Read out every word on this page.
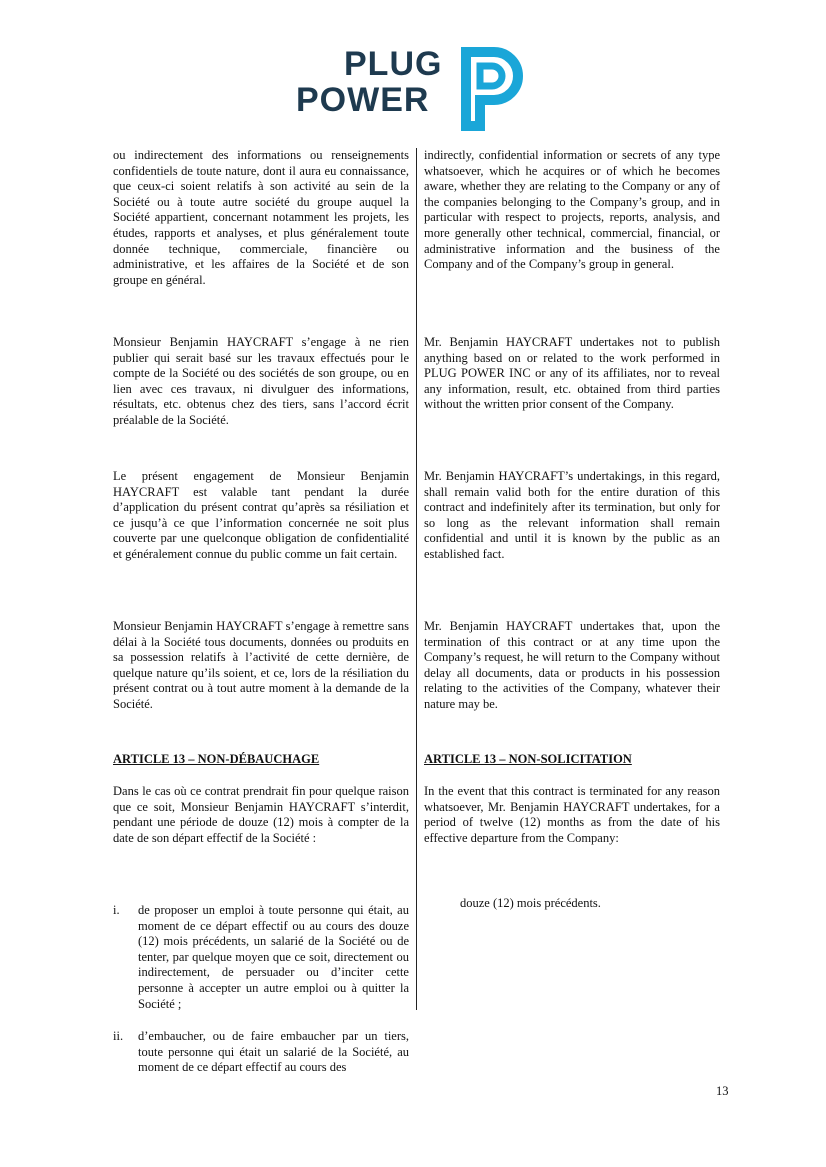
PLUG
POWER
ou indirectement des informations ou renseignements confidentiels de toute nature, dont il aura eu connaissance, que ceux-ci soient relatifs à son activité au sein de la Société ou à toute autre société du groupe auquel la Société appartient, concernant notamment les projets, les études, rapports et analyses, et plus généralement toute donnée technique, commerciale, financière ou administrative, et les affaires de la Société et de son groupe en général.
indirectly, confidential information or secrets of any type whatsoever, which he acquires or of which he becomes aware, whether they are relating to the Company or any of the companies belonging to the Company’s group, and in particular with respect to projects, reports, analysis, and more generally other technical, commercial, financial, or administrative information and the business of the Company and of the Company’s group in general.
Monsieur Benjamin HAYCRAFT s’engage à ne rien publier qui serait basé sur les travaux effectués pour le compte de la Société ou des sociétés de son groupe, ou en lien avec ces travaux, ni divulguer des informations, résultats, etc. obtenus chez des tiers, sans l’accord écrit préalable de la Société.
Mr. Benjamin HAYCRAFT undertakes not to publish anything based on or related to the work performed in PLUG POWER INC or any of its affiliates, nor to reveal any information, result, etc. obtained from third parties without the written prior consent of the Company.
Le présent engagement de Monsieur Benjamin HAYCRAFT est valable tant pendant la durée d’application du présent contrat qu’après sa résiliation et ce jusqu’à ce que l’information concernée ne soit plus couverte par une quelconque obligation de confidentialité et généralement connue du public comme un fait certain.
Mr. Benjamin HAYCRAFT’s undertakings, in this regard, shall remain valid both for the entire duration of this contract and indefinitely after its termination, but only for so long as the relevant information shall remain confidential and until it is known by the public as an established fact.
Monsieur Benjamin HAYCRAFT s’engage à remettre sans délai à la Société tous documents, données ou produits en sa possession relatifs à l’activité de cette dernière, de quelque nature qu’ils soient, et ce, lors de la résiliation du présent contrat ou à tout autre moment à la demande de la Société.
Mr. Benjamin HAYCRAFT undertakes that, upon the termination of this contract or at any time upon the Company’s request, he will return to the Company without delay all documents, data or products in his possession relating to the activities of the Company, whatever their nature may be.
ARTICLE 13 – NON-DÉBAUCHAGE	ARTICLE 13 – NON-SOLICITATION
Dans le cas où ce contrat prendrait fin pour quelque raison que ce soit, Monsieur Benjamin HAYCRAFT s’interdit, pendant une période de douze (12) mois à compter de la date de son départ effectif de la Société :
In the event that this contract is terminated for any reason whatsoever, Mr. Benjamin HAYCRAFT undertakes, for a period of twelve (12) months as from the date of his effective departure from the Company:
i. de proposer un emploi à toute personne qui était, au moment de ce départ effectif ou au cours des douze (12) mois précédents, un salarié de la Société ou de tenter, par quelque moyen que ce soit, directement ou indirectement, de persuader ou d’inciter cette personne à accepter un autre emploi ou à quitter la Société ;
douze (12) mois précédents.
ii. d’embaucher, ou de faire embaucher par un tiers, toute personne qui était un salarié de la Société, au moment de ce départ effectif au cours des
13
